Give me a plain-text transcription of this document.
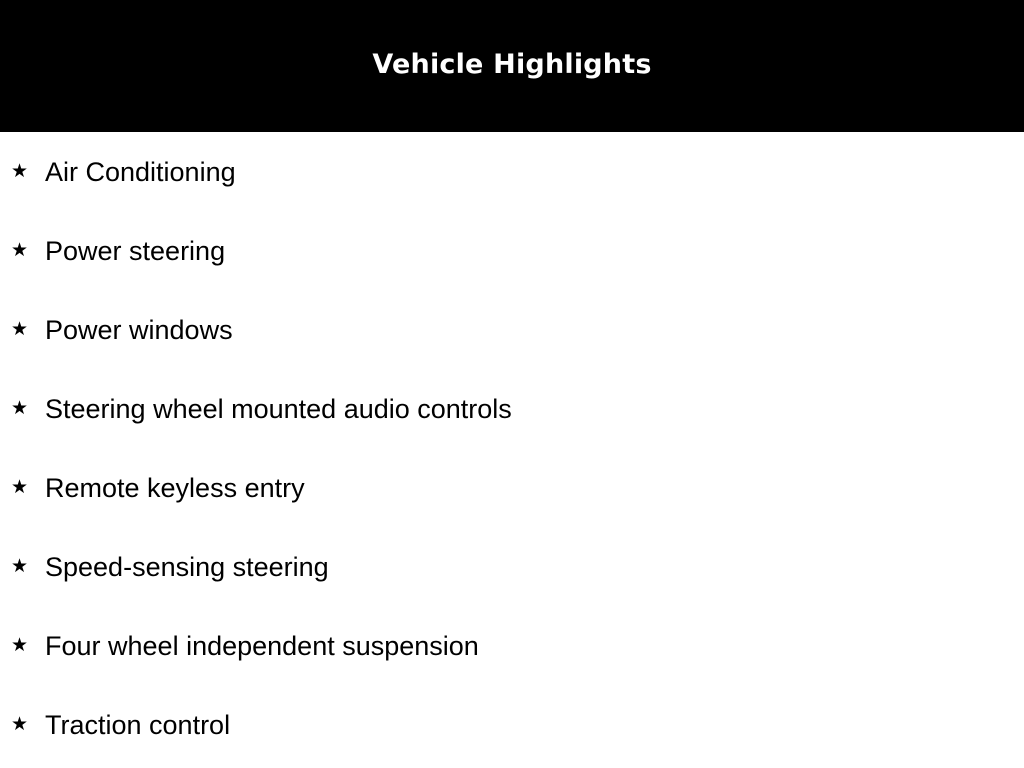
Vehicle Highlights
★ Air Conditioning
★ Power steering
★ Power windows
★ Steering wheel mounted audio controls
★ Remote keyless entry
★ Speed-sensing steering
★ Four wheel independent suspension
★ Traction control
